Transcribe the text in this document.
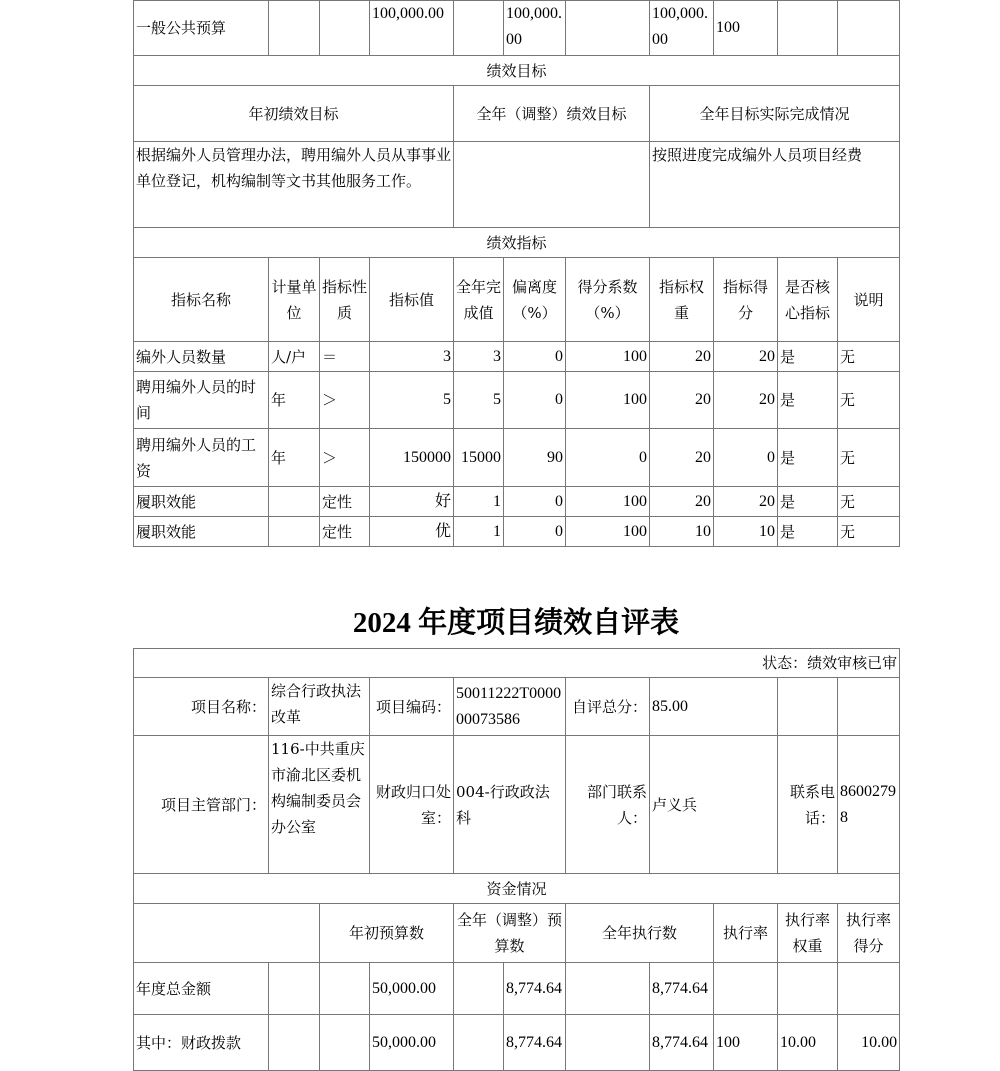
一般公共预算			100,000.00		100,000.00		100,000.00	100		
绩效目标										
年初绩效目标				全年（调整）绩效目标			全年目标实际完成情况			
根据编外人员管理办法，聘用编外人员从事事业单位登记，机构编制等文书其他服务工作。							按照进度完成编外人员项目经费			
绩效指标										
指标名称	计量单位	指标性质	指标值	全年完成值	偏离度（%）	得分系数（%）	指标权重	指标得分	是否核心指标	说明
编外人员数量	人/户	＝	3	3	0	100	20	20	是	无
聘用编外人员的时间	年	＞	5	5	0	100	20	20	是	无
聘用编外人员的工资	年	＞	150000	15000	90	0	20	0	是	无
履职效能		定性	好	1	0	100	20	20	是	无
履职效能		定性	优	1	0	100	10	10	是	无
2024 年度项目绩效自评表
状态：绩效审核已审										
项目名称：	综合行政执法改革		项目编码：	50011222T000000073586		自评总分：	85.00			
项目主管部门：	116-中共重庆市渝北区委机构编制委员会办公室		财政归口处室：	004-行政政法科		部门联系人：	卢义兵		联系电话：	86002798
资金情况										
		年初预算数		全年（调整）预算数		全年执行数		执行率	执行率权重	执行率得分
年度总金额			50,000.00		8,774.64		8,774.64			
其中：财政拨款			50,000.00		8,774.64		8,774.64	100	10.00	10.00
